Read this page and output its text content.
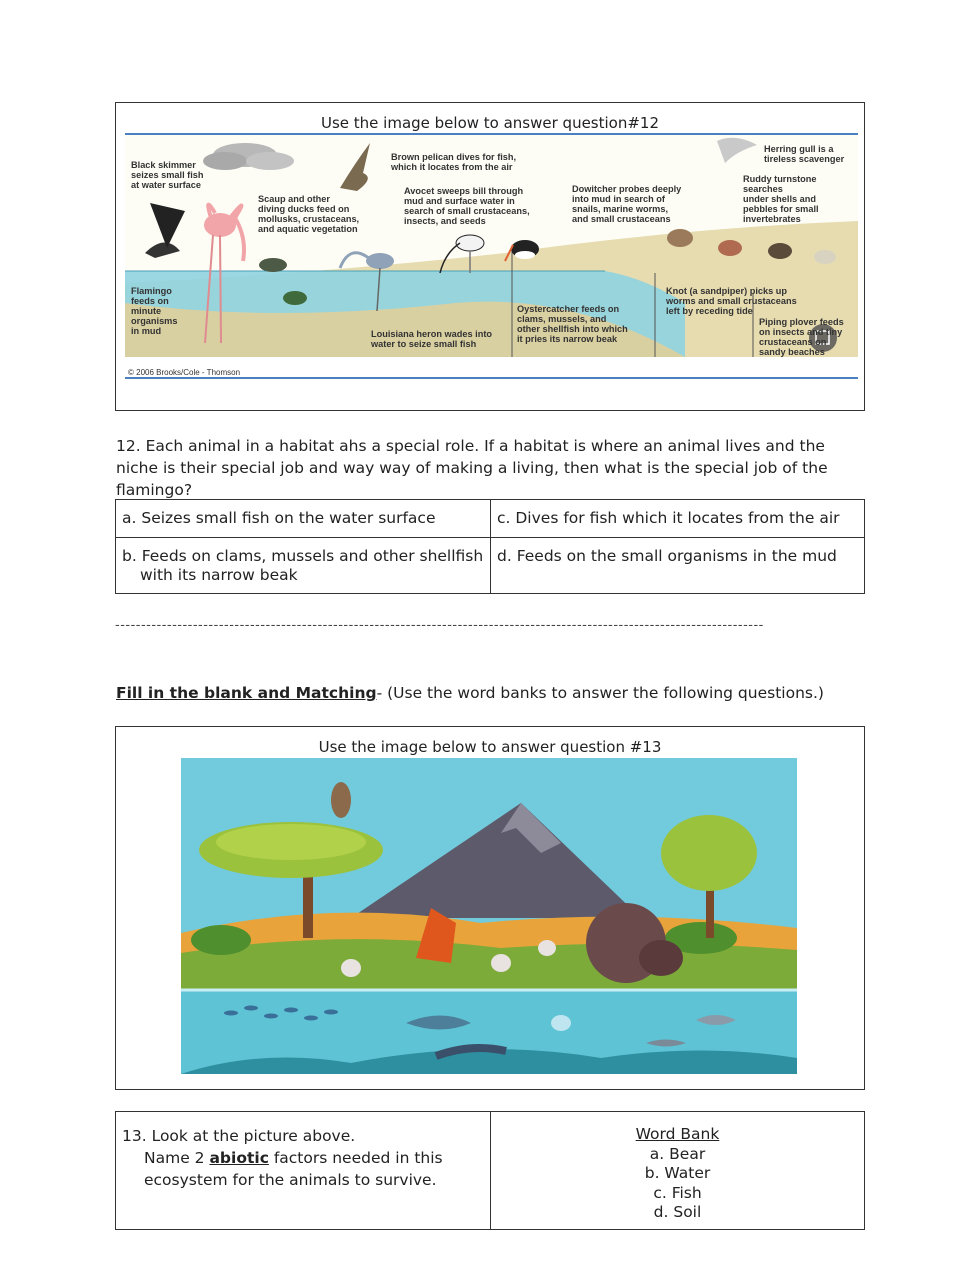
Use the image below to answer question#12
Black skimmer
seizes small fish
at water surface
Brown pelican dives for fish,
which it locates from the air
Herring gull is a
tireless scavenger
Scaup and other
diving ducks feed on
mollusks, crustaceans,
and aquatic vegetation
Avocet sweeps bill through
mud and surface water in
search of small crustaceans,
insects, and seeds
Dowitcher probes deeply
into mud in search of
snails, marine worms,
and small crustaceans
Ruddy turnstone
searches
under shells and
pebbles for small
invertebrates
Flamingo
feeds on
minute
organisms
in mud
Knot (a sandpiper) picks up
worms and small crustaceans
left by receding tide
Oystercatcher feeds on
clams, mussels, and
other shellfish into which
it pries its narrow beak
Louisiana heron wades into
water to seize small fish
Piping plover feeds
on insects and tiny
crustaceans on
sandy beaches
© 2006 Brooks/Cole - Thomson
12. Each animal in a habitat ahs a special role. If a habitat is where an animal lives and the niche is their special job and way way of making a living, then what is the special job of the flamingo?
a. Seizes small fish on the water surface	c. Dives for fish which it locates from the air
b. Feeds on clams, mussels and other shellfish
with its narrow beak	d. Feeds on the small organisms in the mud
-----------------------------------------------------------------------------------------------------------------------------
Fill in the blank and Matching- (Use the word banks to answer the following questions.)
Use the image below to answer question #13
13. Look at the picture above.
Name 2 abiotic factors needed in this
ecosystem for the animals to survive.

Word Bank
a. Bear
b. Water
c. Fish
d. Soil
